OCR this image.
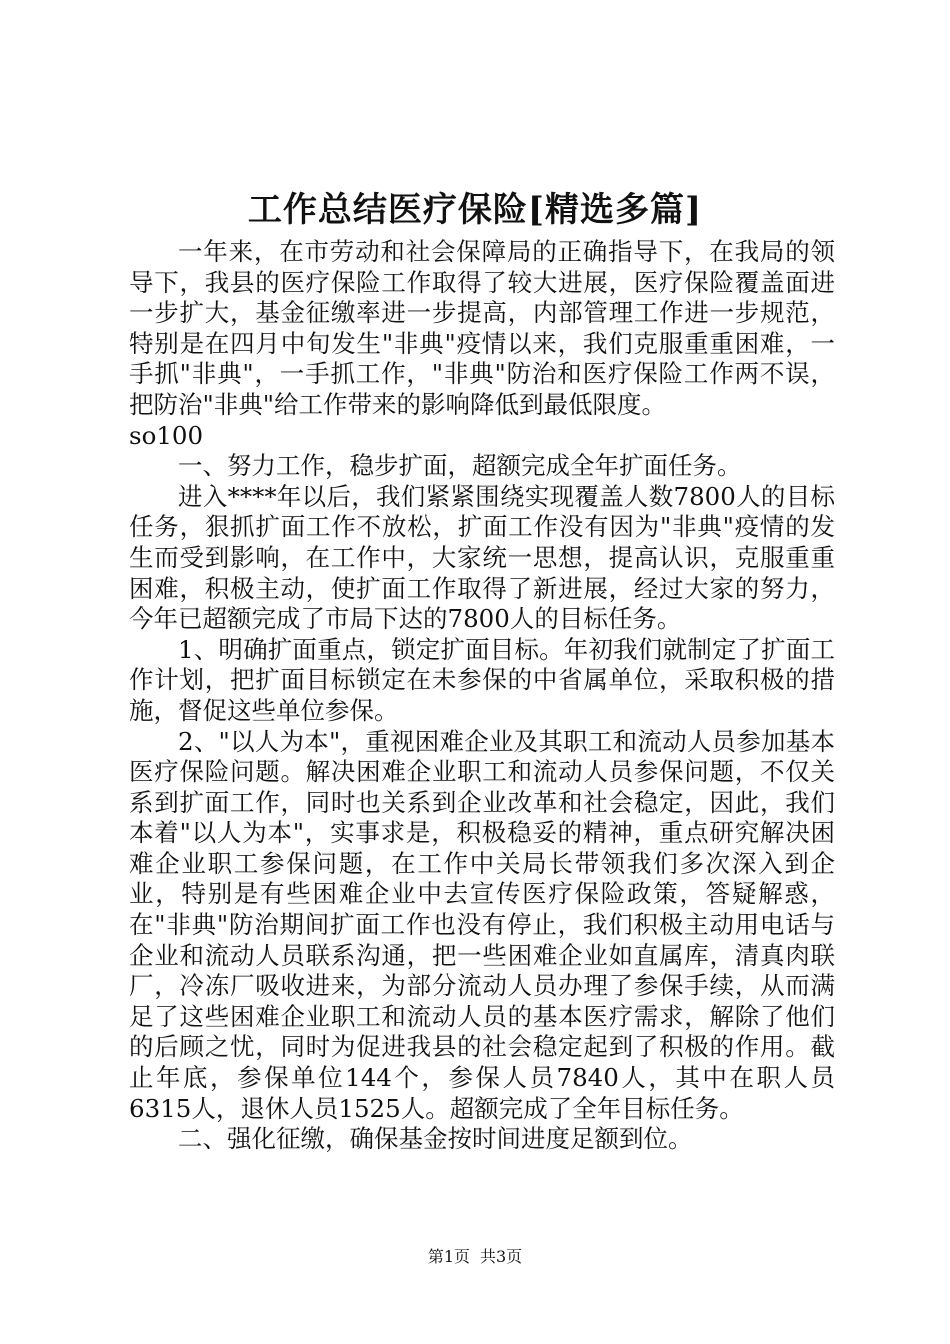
工作总结医疗保险[精选多篇]

一年来，在市劳动和社会保障局的正确指导下，在我局的领导下，我县的医疗保险工作取得了较大进展，医疗保险覆盖面进一步扩大，基金征缴率进一步提高，内部管理工作进一步规范，特别是在四月中旬发生"非典"疫情以来，我们克服重重困难，一手抓"非典"，一手抓工作，"非典"防治和医疗保险工作两不误，把防治"非典"给工作带来的影响降低到最低限度。

so100

一、努力工作，稳步扩面，超额完成全年扩面任务。

进入****年以后，我们紧紧围绕实现覆盖人数7800人的目标任务，狠抓扩面工作不放松，扩面工作没有因为"非典"疫情的发生而受到影响，在工作中，大家统一思想，提高认识，克服重重困难，积极主动，使扩面工作取得了新进展，经过大家的努力，今年已超额完成了市局下达的7800人的目标任务。

1、明确扩面重点，锁定扩面目标。年初我们就制定了扩面工作计划，把扩面目标锁定在未参保的中省属单位，采取积极的措施，督促这些单位参保。

2、"以人为本"，重视困难企业及其职工和流动人员参加基本医疗保险问题。解决困难企业职工和流动人员参保问题，不仅关系到扩面工作，同时也关系到企业改革和社会稳定，因此，我们本着"以人为本"，实事求是，积极稳妥的精神，重点研究解决困难企业职工参保问题，在工作中关局长带领我们多次深入到企业，特别是有些困难企业中去宣传医疗保险政策，答疑解惑，在"非典"防治期间扩面工作也没有停止，我们积极主动用电话与企业和流动人员联系沟通，把一些困难企业如直属库，清真肉联厂，冷冻厂吸收进来，为部分流动人员办理了参保手续，从而满足了这些困难企业职工和流动人员的基本医疗需求，解除了他们的后顾之忧，同时为促进我县的社会稳定起到了积极的作用。截止年底，参保单位144个，参保人员7840人，其中在职人员6315人，退休人员1525人。超额完成了全年目标任务。

二、强化征缴，确保基金按时间进度足额到位。

第1页 共3页
